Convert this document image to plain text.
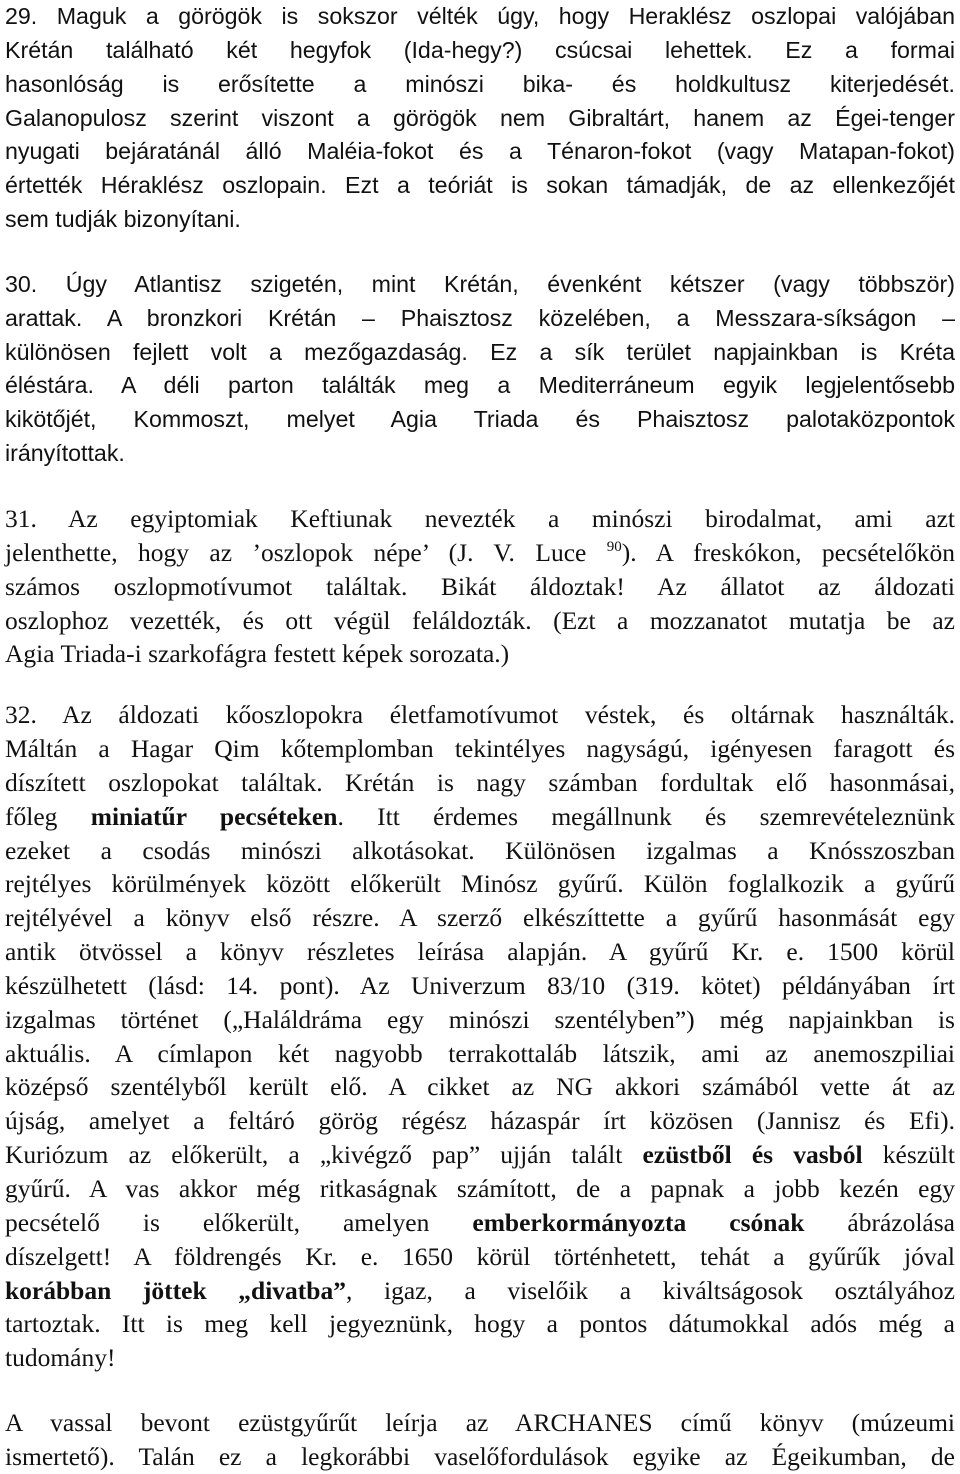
29. Maguk a görögök is sokszor vélték úgy, hogy Heraklész oszlopai valójában
Krétán található két hegyfok (Ida-hegy?) csúcsai lehettek. Ez a formai
hasonlóság is erősítette a minószi bika- és holdkultusz kiterjedését.
Galanopulosz szerint viszont a görögök nem Gibraltárt, hanem az Égei-tenger
nyugati bejáratánál álló Maléia-fokot és a Ténaron-fokot (vagy Matapan-fokot)
értették Héraklész oszlopain. Ezt a teóriát is sokan támadják, de az ellenkezőjét
sem tudják bizonyítani.
30. Úgy Atlantisz szigetén, mint Krétán, évenként kétszer (vagy többször)
arattak. A bronzkori Krétán – Phaisztosz közelében, a Messzara-síkságon –
különösen fejlett volt a mezőgazdaság. Ez a sík terület napjainkban is Kréta
éléstára. A déli parton találták meg a Mediterráneum egyik legjelentősebb
kikötőjét, Kommoszt, melyet Agia Triada és Phaisztosz palotaközpontok
irányítottak.
31. Az egyiptomiak Keftiunak nevezték a minószi birodalmat, ami azt
jelenthette, hogy az ’oszlopok népe’ (J. V. Luce $^{90}$). A freskókon, pecsételőkön
számos oszlopmotívumot találtak. Bikát áldoztak! Az állatot az áldozati
oszlophoz vezették, és ott végül feláldozták. (Ezt a mozzanatot mutatja be az
Agia Triada-i szarkofágra festett képek sorozata.)
32. Az áldozati kőoszlopokra életfamotívumot véstek, és oltárnak használták.
Máltán a Hagar Qim kőtemplomban tekintélyes nagyságú, igényesen faragott és
díszített oszlopokat találtak. Krétán is nagy számban fordultak elő hasonmásai,
főleg miniatűr pecséteken. Itt érdemes megállnunk és szemrevételeznünk
ezeket a csodás minószi alkotásokat. Különösen izgalmas a Knósszoszban
rejtélyes körülmények között előkerült Minósz gyűrű. Külön foglalkozik a gyűrű
rejtélyével a könyv első részre. A szerző elkészíttette a gyűrű hasonmását egy
antik ötvössel a könyv részletes leírása alapján. A gyűrű Kr. e. 1500 körül
készülhetett (lásd: 14. pont). Az Univerzum 83/10 (319. kötet) példányában írt
izgalmas történet („Haláldráma egy minószi szentélyben”) még napjainkban is
aktuális. A címlapon két nagyobb terrakottaláb látszik, ami az anemoszpiliai
középső szentélyből került elő. A cikket az NG akkori számából vette át az
újság, amelyet a feltáró görög régész házaspár írt közösen (Jannisz és Efi).
Kuriózum az előkerült, a „kivégző pap” ujján talált ezüstből és vasból készült
gyűrű. A vas akkor még ritkaságnak számított, de a papnak a jobb kezén egy
pecsételő is előkerült, amelyen emberkormányozta csónak ábrázolása
díszelgett! A földrengés Kr. e. 1650 körül történhetett, tehát a gyűrűk jóval
korábban jöttek „divatba”, igaz, a viselőik a kiváltságosok osztályához
tartoztak. Itt is meg kell jegyeznünk, hogy a pontos dátumokkal adós még a
tudomány!
A vassal bevont ezüstgyűrűt leírja az ARCHANES című könyv (múzeumi
ismertető). Talán ez a legkorábbi vaselőfordulások egyike az Égeikumban, de
